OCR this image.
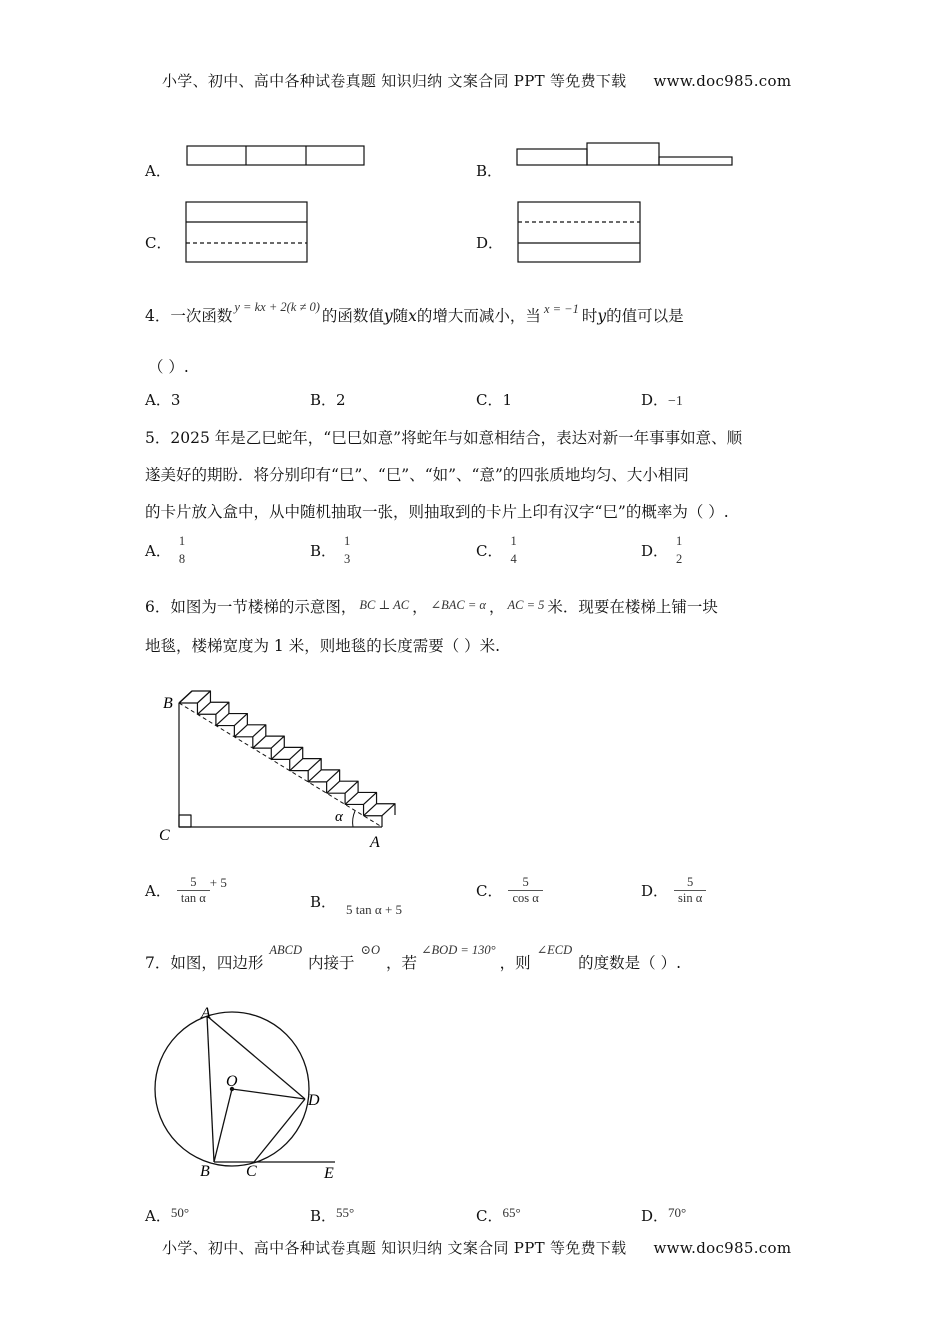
小学、初中、高中各种试卷真题 知识归纳 文案合同 PPT 等免费下载 www.doc985.com
A．	B．
C．	D．
4．一次函数 $^{y = kx + 2(k \ne 0)}$ 的函数值y随x的增大而减小，当 $^{x = -1}$ 时y的值可以是
（ ）.
A．3	B．2	C．1	D．−1
5．2025 年是乙巳蛇年，“巳巳如意”将蛇年与如意相结合，表达对新一年事事如意、顺
遂美好的期盼．将分别印有“巳”、“巳”、“如”、“意”的四张质地均匀、大小相同
的卡片放入盒中，从中随机抽取一张，则抽取到的卡片上印有汉字“巳”的概率为（ ）.
A．
1
8	B．
1
3	C．
1
4	D．
1
2
6．如图为一节楼梯的示意图， BC ⊥ AC ， ∠BAC = α ， AC = 5 米．现要在楼梯上铺一块
地毯，楼梯宽度为 1 米，则地毯的长度需要（ ）米.
B
C	A
α
A． $\frac{5}{\text{tan α}} + 5$
B． 5 tan α + 5
C． $\frac{5}{\text{cos α}}$	D． $\frac{5}{\text{sin α}}$
7．如图，四边形$^{ABCD}$内接于$^{⊙O}$，若$^{\angle BOD = 130^\circ}$，则$^{\angle ECD}$的度数是（ ）.
A
O
D
B C	E
A．50°	B．55°	C．65°	D．70°
小学、初中、高中各种试卷真题 知识归纳 文案合同 PPT 等免费下载 www.doc985.com
